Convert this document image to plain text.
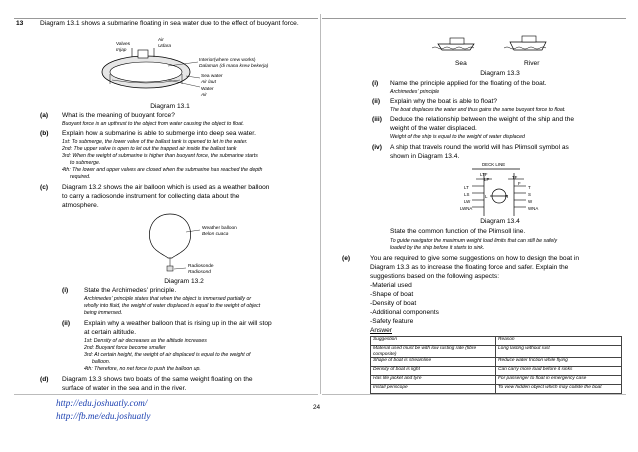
13	Diagram 13.1 shows a submarine floating in sea water due to the effect of buoyant force.
Valves
Injap
Air
Udara
Interior(where crew works)
Dalaman (di mana krew bekerja)
Sea water
Air laut
Water
Air
Diagram 13.1
(a) What is the meaning of buoyant force?
Buoyant force is an upthrust to the object from water causing the object to float.
(b) Explain how a submarine is able to submerge into deep sea water.
1st: To submerge, the lower valve of the ballast tank is opened to let in the water.
2nd: The upper valve is open to let out the trapped air inside the ballast tank
3rd: When the weight of submarine is higher than buoyant force, the submarine starts
to submerge.
4th: The lower and upper valves are closed when the submarine has reached the depth
required.
(c) Diagram 13.2 shows the air balloon which is used as a weather balloon
to carry a radiosonde instrument for collecting data about the
atmosphere.
Weather balloon
Belon cuaca
Radiosonde
Radiosond
Diagram 13.2
(i) State the Archimedes' principle.
Archimedes' principle states that when the object is immersed partially or
wholly into fluid, the weight of water displaced is equal to the weight of object
being immersed.
(ii) Explain why a weather balloon that is rising up in the air will stop
at certain altitude.
1st: Density of air decreases as the altitude increases
2nd: Buoyant force become smaller
3rd: At certain height, the weight of air displaced is equal to the weight of
balloon.
4th: Therefore, no net force to push the balloon up.
(d) Diagram 13.3 shows two boats of the same weight floating on the
surface of water in the sea and in the river.
Sea	River
Diagram 13.3
(i) Name the principle applied for the floating of the boat.
Archimedes' principle
(ii) Explain why the boat is able to float?
The boat displaces the water and thus gains the same buoyant force to float.
(iii) Deduce the relationship between the weight of the ship and the
weight of the water displaced.
Weight of the ship is equal to the weight of water displaced
(iv) A ship that travels round the world will has Plimsoll symbol as
shown in Diagram 13.4.
DECK LINE
LTF
LF	TF
F
LT
LS
LW
LWNA
T
S
W
WNA
L	R
Diagram 13.4
State the common function of the Plimsoll line.
To guide navigator the maximum weight load limits that can still be safely
loaded by the ship before it starts to sink.
(e)	You are required to give some suggestions on how to design the boat in
Diagram 13.3 as to increase the floating force and safer. Explain the
suggestions based on the following aspects:
-Material used
-Shape of boat
-Density of boat
-Additional components
-Safety feature
Answer
Suggestion	Reason
Material used must be with low rusting rate (fibre composite)	Long lasting without rust
Shape of boat is streamline	Reduce water friction while flying
Density of boat is light	Can carry more load before it sinks
Has life jacket and tyre	For passenger to float in emergency case
Install periscope	To view hidden object which may collide the boat
http://edu.joshuatly.com/
http://fb.me/edu.joshuatly
24
